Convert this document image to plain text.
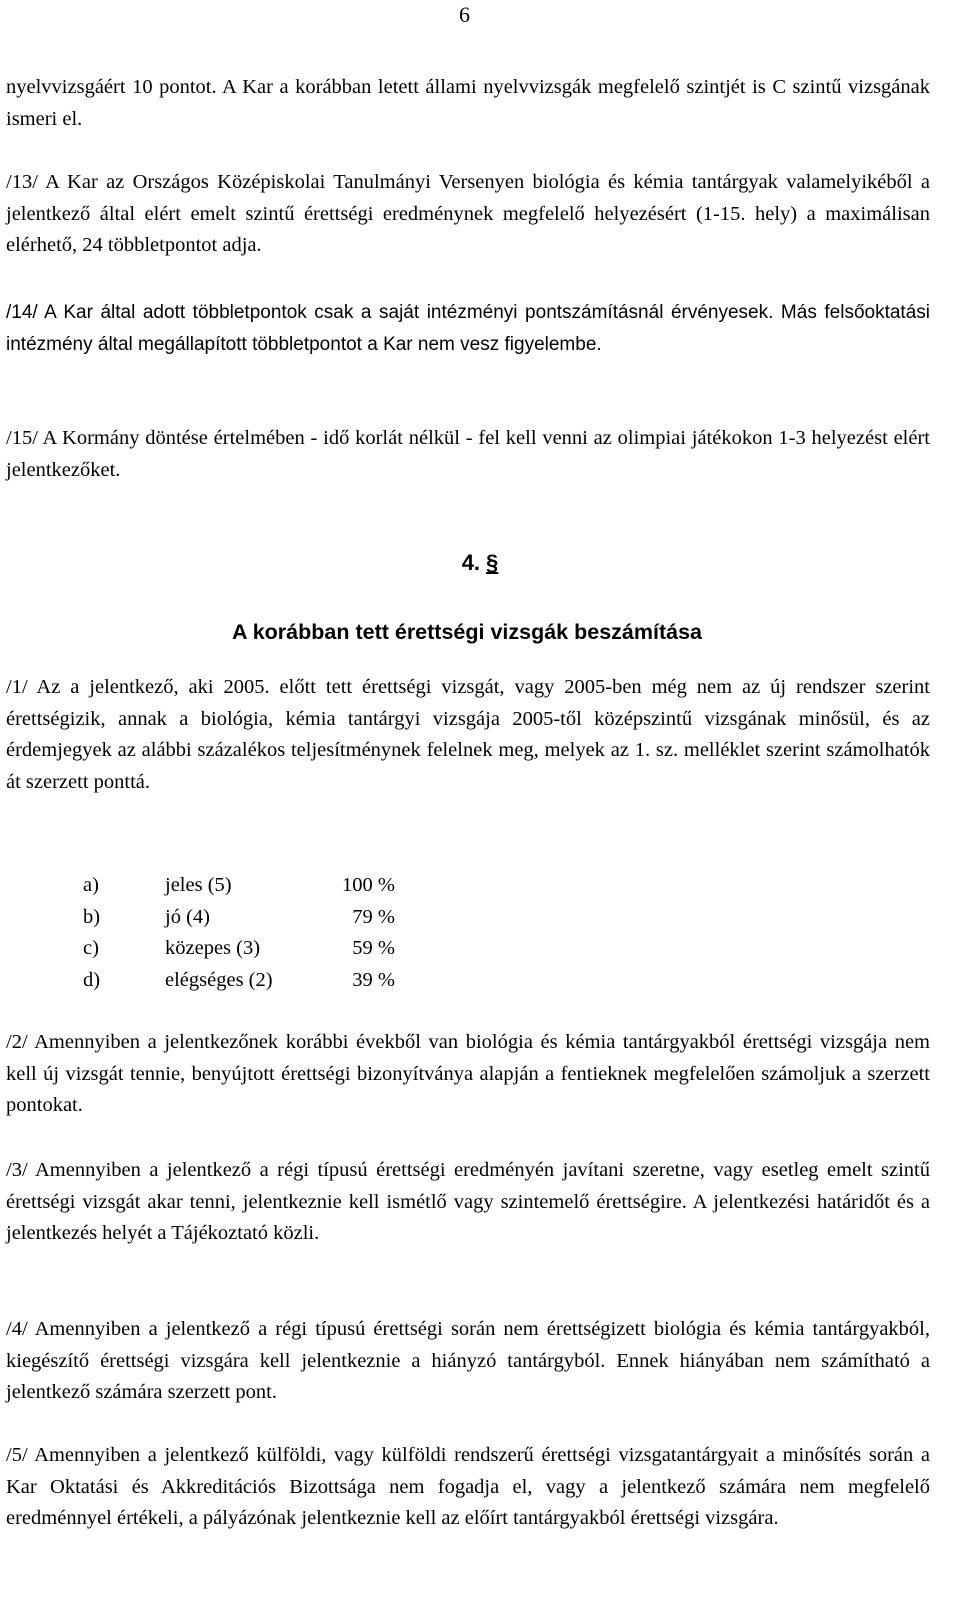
6
nyelvvizsgáért 10 pontot. A Kar a korábban letett állami nyelvvizsgák megfelelő szintjét is C szintű vizsgának ismeri el.
/13/ A Kar az Országos Középiskolai Tanulmányi Versenyen biológia és kémia tantárgyak valamelyikéből a jelentkező által elért emelt szintű érettségi eredménynek megfelelő helyezésért (1-15. hely) a maximálisan elérhető, 24 többletpontot adja.
/14/ A Kar által adott többletpontok csak a saját intézményi pontszámításnál érvényesek. Más felsőoktatási intézmény által megállapított többletpontot a Kar nem vesz figyelembe.
/15/ A Kormány döntése értelmében - idő korlát nélkül - fel kell venni az olimpiai játékokon 1-3 helyezést elért jelentkezőket.
4. §
A korábban tett érettségi vizsgák beszámítása
/1/ Az a jelentkező, aki 2005. előtt tett érettségi vizsgát, vagy 2005-ben még nem az új rendszer szerint érettségizik, annak a biológia, kémia tantárgyi vizsgája 2005-től középszintű vizsgának minősül, és az érdemjegyek az alábbi százalékos teljesítménynek felelnek meg, melyek az 1. sz. melléklet szerint számolhatók át szerzett ponttá.
a)	jeles (5)	100 %
b)	jó (4)	79 %
c)	közepes (3)	59 %
d)	elégséges (2)	39 %
/2/ Amennyiben a jelentkezőnek korábbi évekből van biológia és kémia tantárgyakból érettségi vizsgája nem kell új vizsgát tennie, benyújtott érettségi bizonyítványa alapján a fentieknek megfelelően számoljuk a szerzett pontokat.
/3/ Amennyiben a jelentkező a régi típusú érettségi eredményén javítani szeretne, vagy esetleg emelt szintű érettségi vizsgát akar tenni, jelentkeznie kell ismétlő vagy szintemelő érettségire. A jelentkezési határidőt és a jelentkezés helyét a Tájékoztató közli.
/4/ Amennyiben a jelentkező a régi típusú érettségi során nem érettségizett biológia és kémia tantárgyakból, kiegészítő érettségi vizsgára kell jelentkeznie a hiányzó tantárgyból. Ennek hiányában nem számítható a jelentkező számára szerzett pont.
/5/ Amennyiben a jelentkező külföldi, vagy külföldi rendszerű érettségi vizsgatantárgyait a minősítés során a Kar Oktatási és Akkreditációs Bizottsága nem fogadja el, vagy a jelentkező számára nem megfelelő eredménnyel értékeli, a pályázónak jelentkeznie kell az előírt tantárgyakból érettségi vizsgára.
